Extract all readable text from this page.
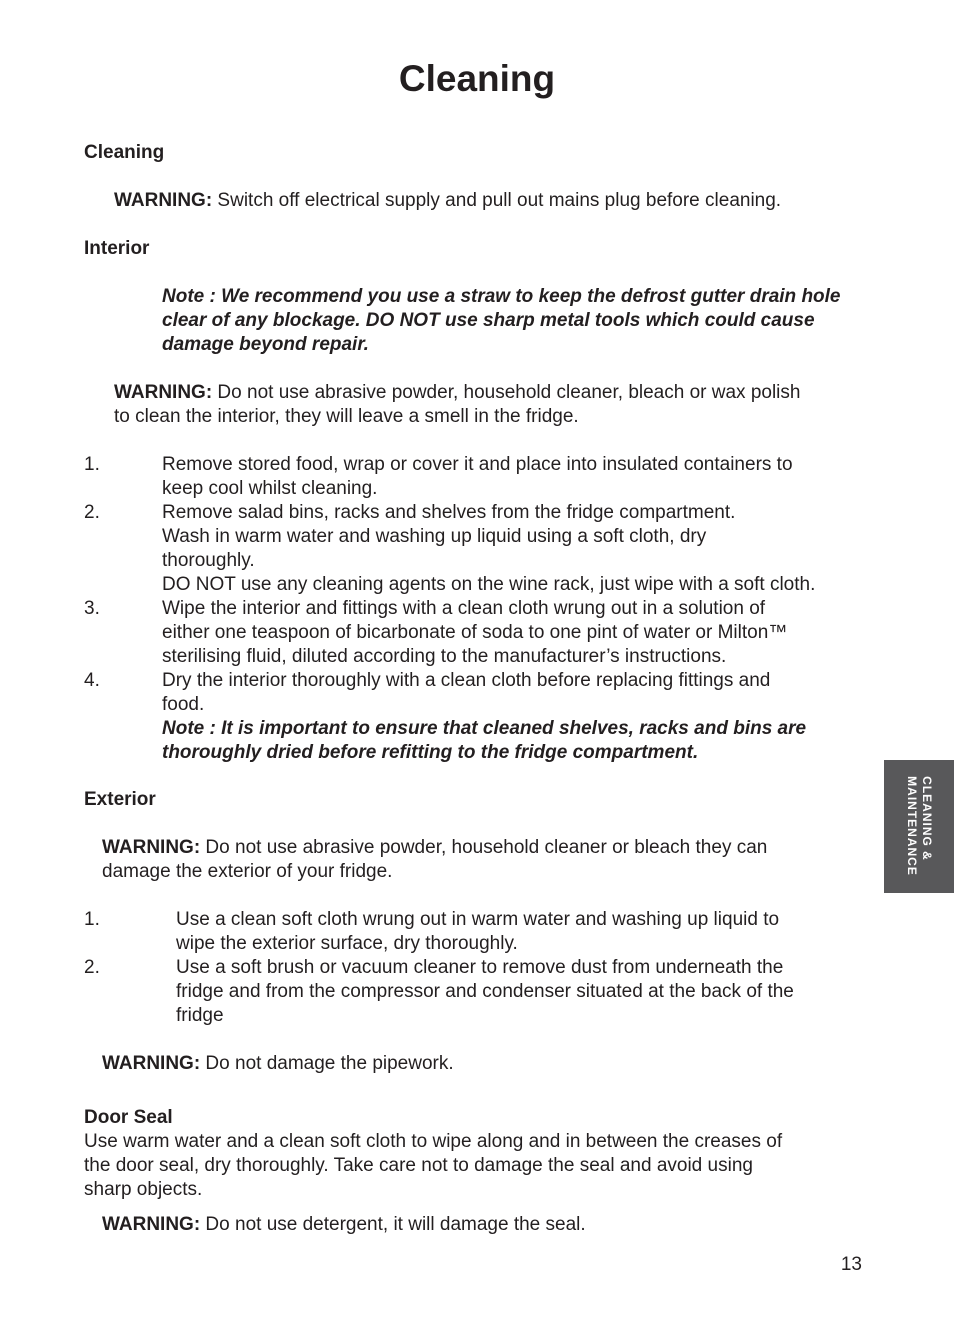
Cleaning
Cleaning
WARNING: Switch off electrical supply and pull out mains plug before cleaning.
Interior
Note : We recommend you use a straw to keep the defrost gutter drain hole
clear of any blockage. DO NOT use sharp metal tools which could cause
damage beyond repair.
WARNING: Do not use abrasive powder, household cleaner, bleach or wax polish
to clean the interior, they will leave a smell in the fridge.
1.	Remove stored food, wrap or cover it and place into insulated containers to
keep cool whilst cleaning.
2.	Remove salad bins, racks and shelves from the fridge compartment.
Wash in warm water and washing up liquid using a soft cloth, dry
thoroughly.
DO NOT use any cleaning agents on the wine rack, just wipe with a soft cloth.
3.	Wipe the interior and fittings with a clean cloth wrung out in a solution of
either one teaspoon of bicarbonate of soda to one pint of water or Milton™
sterilising fluid, diluted according to the manufacturer’s instructions.
4.	Dry the interior thoroughly with a clean cloth before replacing fittings and
food.
Note : It is important to ensure that cleaned shelves, racks and bins are
thoroughly dried before refitting to the fridge compartment.
Exterior
WARNING: Do not use abrasive powder, household cleaner or bleach they can
damage the exterior of your fridge.
1.	Use a clean soft cloth wrung out in warm water and washing up liquid to
wipe the exterior surface, dry thoroughly.
2.	Use a soft brush or vacuum cleaner to remove dust from underneath the
fridge and from the compressor and condenser situated at the back of the
fridge
WARNING: Do not damage the pipework.
Door Seal
Use warm water and a clean soft cloth to wipe along and in between the creases of
the door seal, dry thoroughly. Take care not to damage the seal and avoid using
sharp objects.
WARNING: Do not use detergent, it will damage the seal.
CLEANING &
MAINTENANCE
13
